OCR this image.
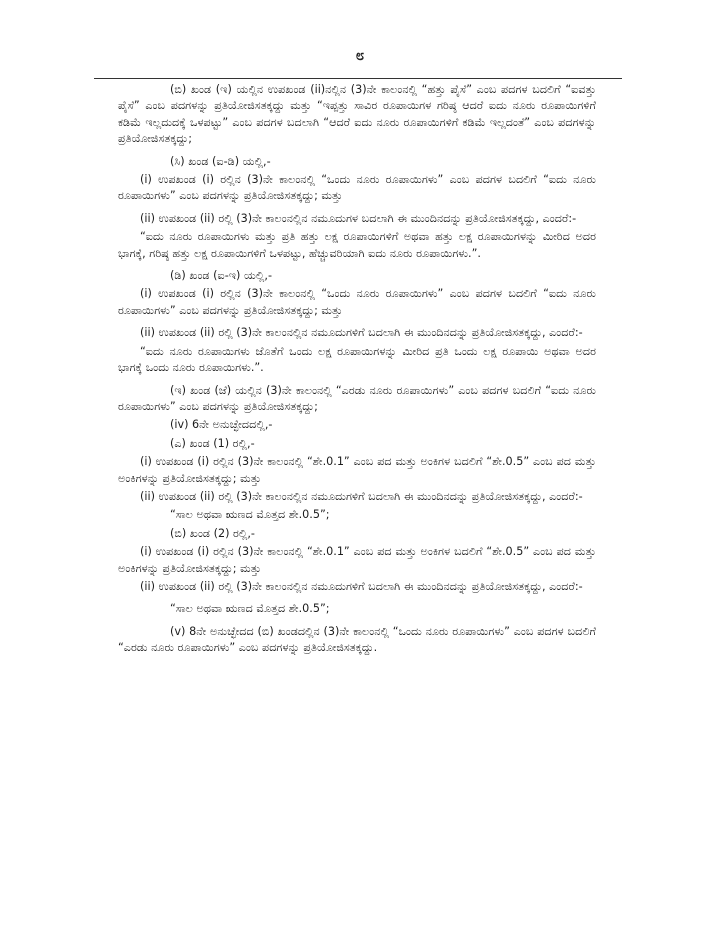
೮

(ಬಿ) ಖಂಡ (ಇ) ಯಲ್ಲಿನ ಉಪಖಂಡ (ii)ನಲ್ಲಿನ (3)ನೇ ಕಾಲಂನಲ್ಲಿ “ಹತ್ತು ಪೈಸೆ” ಎಂಬ ಪದಗಳ ಬದಲಿಗೆ “ಐವತ್ತು ಪೈಸೆ” ಎಂಬ ಪದಗಳನ್ನು ಪ್ರತಿಯೋಜಿಸತಕ್ಕದ್ದು ಮತ್ತು “ಇಪ್ಪತ್ತು ಸಾವಿರ ರೂಪಾಯಿಗಳ ಗರಿಷ್ಠ ಆದರೆ ಐದು ನೂರು ರೂಪಾಯಿಗಳಿಗೆ ಕಡಿಮೆ ಇಲ್ಲದುದಕ್ಕೆ ಒಳಪಟ್ಟು” ಎಂಬ ಪದಗಳ ಬದಲಾಗಿ “ಆದರೆ ಐದು ನೂರು ರೂಪಾಯಿಗಳಿಗೆ ಕಡಿಮೆ ಇಲ್ಲದಂತೆ” ಎಂಬ ಪದಗಳನ್ನು ಪ್ರತಿಯೋಜಿಸತಕ್ಕದ್ದು;

(ಸಿ) ಖಂಡ (ಐ-ಡಿ) ಯಲ್ಲಿ,-

(i) ಉಪಖಂಡ (i) ರಲ್ಲಿನ (3)ನೇ ಕಾಲಂನಲ್ಲಿ “ಒಂದು ನೂರು ರೂಪಾಯಿಗಳು” ಎಂಬ ಪದಗಳ ಬದಲಿಗೆ “ಐದು ನೂರು ರೂಪಾಯಿಗಳು” ಎಂಬ ಪದಗಳನ್ನು ಪ್ರತಿಯೋಜಿಸತಕ್ಕದ್ದು; ಮತ್ತು

(ii) ಉಪಖಂಡ (ii) ರಲ್ಲಿ (3)ನೇ ಕಾಲಂನಲ್ಲಿನ ನಮೂದುಗಳ ಬದಲಾಗಿ ಈ ಮುಂದಿನದನ್ನು ಪ್ರತಿಯೋಜಿಸತಕ್ಕದ್ದು, ಎಂದರೆ:-

“ಐದು ನೂರು ರೂಪಾಯಿಗಳು ಮತ್ತು ಪ್ರತಿ ಹತ್ತು ಲಕ್ಷ ರೂಪಾಯಿಗಳಿಗೆ ಅಥವಾ ಹತ್ತು ಲಕ್ಷ ರೂಪಾಯಿಗಳನ್ನು ಮೀರಿದ ಅದರ ಭಾಗಕ್ಕೆ, ಗರಿಷ್ಠ ಹತ್ತು ಲಕ್ಷ ರೂಪಾಯಿಗಳಿಗೆ ಒಳಪಟ್ಟು, ಹೆಚ್ಚುವರಿಯಾಗಿ ಐದು ನೂರು ರೂಪಾಯಿಗಳು.”.

(ಡಿ) ಖಂಡ (ಐ-ಇ) ಯಲ್ಲಿ,-

(i) ಉಪಖಂಡ (i) ರಲ್ಲಿನ (3)ನೇ ಕಾಲಂನಲ್ಲಿ “ಒಂದು ನೂರು ರೂಪಾಯಿಗಳು” ಎಂಬ ಪದಗಳ ಬದಲಿಗೆ “ಐದು ನೂರು ರೂಪಾಯಿಗಳು” ಎಂಬ ಪದಗಳನ್ನು ಪ್ರತಿಯೋಜಿಸತಕ್ಕದ್ದು; ಮತ್ತು

(ii) ಉಪಖಂಡ (ii) ರಲ್ಲಿ (3)ನೇ ಕಾಲಂನಲ್ಲಿನ ನಮೂದುಗಳಿಗೆ ಬದಲಾಗಿ ಈ ಮುಂದಿನದನ್ನು ಪ್ರತಿಯೋಜಿಸತಕ್ಕದ್ದು, ಎಂದರೆ:-

“ಐದು ನೂರು ರೂಪಾಯಿಗಳು ಜೊತೆಗೆ ಒಂದು ಲಕ್ಷ ರೂಪಾಯಿಗಳನ್ನು ಮೀರಿದ ಪ್ರತಿ ಒಂದು ಲಕ್ಷ ರೂಪಾಯಿ ಅಥವಾ ಅದರ ಭಾಗಕ್ಕೆ ಒಂದು ನೂರು ರೂಪಾಯಿಗಳು.”.

(ಇ) ಖಂಡ (ಜೆ) ಯಲ್ಲಿನ (3)ನೇ ಕಾಲಂನಲ್ಲಿ “ಎರಡು ನೂರು ರೂಪಾಯಿಗಳು” ಎಂಬ ಪದಗಳ ಬದಲಿಗೆ “ಐದು ನೂರು ರೂಪಾಯಿಗಳು” ಎಂಬ ಪದಗಳನ್ನು ಪ್ರತಿಯೋಜಿಸತಕ್ಕದ್ದು;

(iv) 6ನೇ ಅನುಚ್ಛೇದದಲ್ಲಿ,-

(ಎ) ಖಂಡ (1) ರಲ್ಲಿ,-

(i) ಉಪಖಂಡ (i) ರಲ್ಲಿನ (3)ನೇ ಕಾಲಂನಲ್ಲಿ “ಶೇ.0.1” ಎಂಬ ಪದ ಮತ್ತು ಅಂಕಿಗಳ ಬದಲಿಗೆ “ಶೇ.0.5” ಎಂಬ ಪದ ಮತ್ತು ಅಂಕಿಗಳನ್ನು ಪ್ರತಿಯೋಜಿಸತಕ್ಕದ್ದು; ಮತ್ತು

(ii) ಉಪಖಂಡ (ii) ರಲ್ಲಿ (3)ನೇ ಕಾಲಂನಲ್ಲಿನ ನಮೂದುಗಳಿಗೆ ಬದಲಾಗಿ ಈ ಮುಂದಿನದನ್ನು ಪ್ರತಿಯೋಜಿಸತಕ್ಕದ್ದು, ಎಂದರೆ:-

“ಸಾಲ ಅಥವಾ ಋಣದ ಮೊತ್ತದ ಶೇ.0.5”;

(ಬಿ) ಖಂಡ (2) ರಲ್ಲಿ,-

(i) ಉಪಖಂಡ (i) ರಲ್ಲಿನ (3)ನೇ ಕಾಲಂನಲ್ಲಿ “ಶೇ.0.1” ಎಂಬ ಪದ ಮತ್ತು ಅಂಕಿಗಳ ಬದಲಿಗೆ “ಶೇ.0.5” ಎಂಬ ಪದ ಮತ್ತು ಅಂಕಿಗಳನ್ನು ಪ್ರತಿಯೋಜಿಸತಕ್ಕದ್ದು; ಮತ್ತು

(ii) ಉಪಖಂಡ (ii) ರಲ್ಲಿ (3)ನೇ ಕಾಲಂನಲ್ಲಿನ ನಮೂದುಗಳಿಗೆ ಬದಲಾಗಿ ಈ ಮುಂದಿನದನ್ನು ಪ್ರತಿಯೋಜಿಸತಕ್ಕದ್ದು, ಎಂದರೆ:-

“ಸಾಲ ಅಥವಾ ಋಣದ ಮೊತ್ತದ ಶೇ.0.5”;

(v) 8ನೇ ಅನುಚ್ಛೇದದ (ಬಿ) ಖಂಡದಲ್ಲಿನ (3)ನೇ ಕಾಲಂನಲ್ಲಿ “ಒಂದು ನೂರು ರೂಪಾಯಿಗಳು” ಎಂಬ ಪದಗಳ ಬದಲಿಗೆ “ಎರಡು ನೂರು ರೂಪಾಯಿಗಳು” ಎಂಬ ಪದಗಳನ್ನು ಪ್ರತಿಯೋಜಿಸತಕ್ಕದ್ದು.
